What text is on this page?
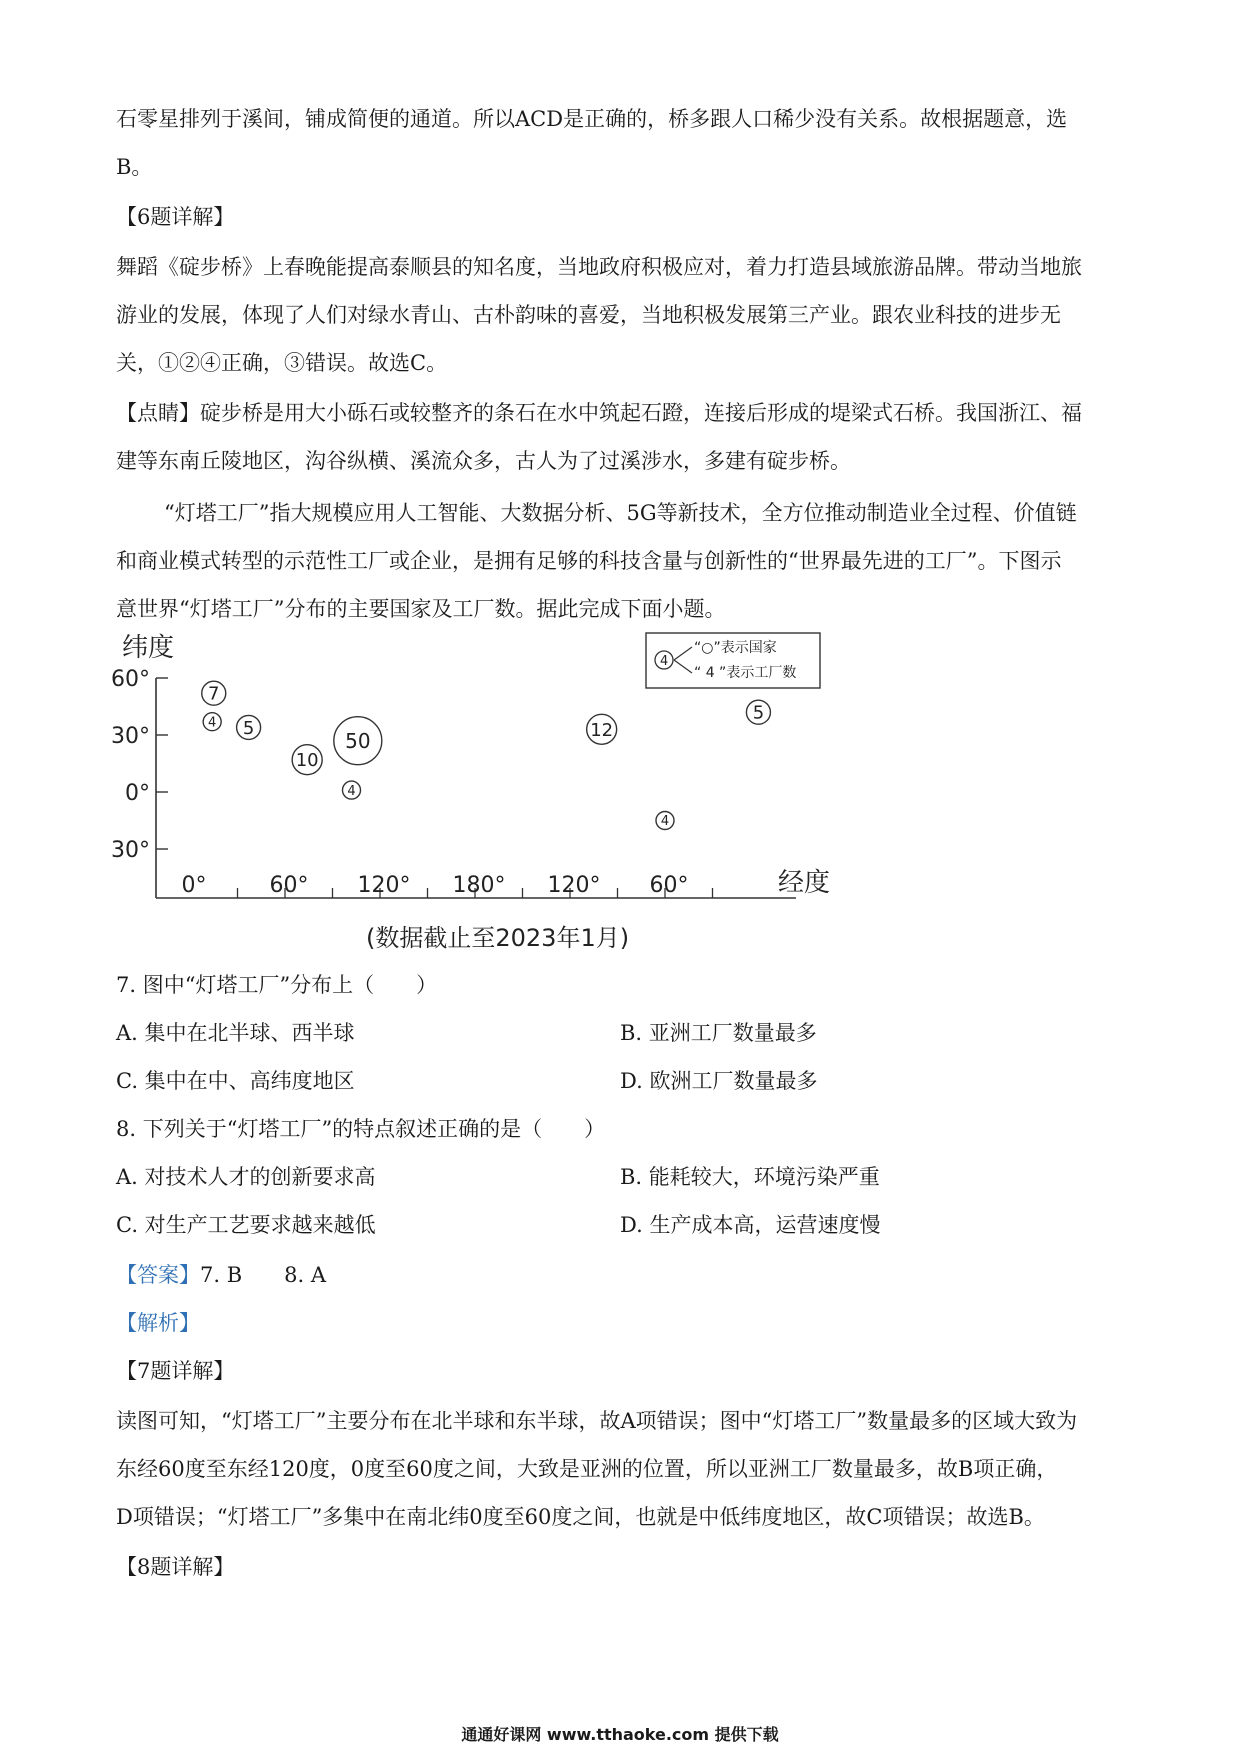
石零星排列于溪间，铺成简便的通道。所以ACD是正确的，桥多跟人口稀少没有关系。故根据题意，选
B。
【6题详解】
舞蹈《碇步桥》上春晚能提高泰顺县的知名度，当地政府积极应对，着力打造县域旅游品牌。带动当地旅
游业的发展，体现了人们对绿水青山、古朴韵味的喜爱，当地积极发展第三产业。跟农业科技的进步无
关，①②④正确，③错误。故选C。
【点睛】碇步桥是用大小砾石或较整齐的条石在水中筑起石蹬，连接后形成的堤梁式石桥。我国浙江、福
建等东南丘陵地区，沟谷纵横、溪流众多，古人为了过溪涉水，多建有碇步桥。
“灯塔工厂”指大规模应用人工智能、大数据分析、5G等新技术，全方位推动制造业全过程、价值链
和商业模式转型的示范性工厂或企业，是拥有足够的科技含量与创新性的“世界最先进的工厂”。下图示
意世界“灯塔工厂”分布的主要国家及工厂数。据此完成下面小题。
纬度
经度
(数据截止至2023年1月)
60°
30°
0°
30°
0°	60° 120° 180° 120° 60°
7
5
4 5
10
50
4
12
4
4
“○”表示国家
“ 4 ”表示工厂数
7. 图中“灯塔工厂”分布上（　　）
A. 集中在北半球、西半球	B. 亚洲工厂数量最多
C. 集中在中、高纬度地区	D. 欧洲工厂数量最多
8. 下列关于“灯塔工厂”的特点叙述正确的是（　　）
A. 对技术人才的创新要求高	B. 能耗较大，环境污染严重
C. 对生产工艺要求越来越低	D. 生产成本高，运营速度慢
【答案】7. B　　8. A
【解析】
【7题详解】
读图可知，“灯塔工厂”主要分布在北半球和东半球，故A项错误；图中“灯塔工厂”数量最多的区域大致为
东经60度至东经120度，0度至60度之间，大致是亚洲的位置，所以亚洲工厂数量最多，故B项正确，
D项错误；“灯塔工厂”多集中在南北纬0度至60度之间，也就是中低纬度地区，故C项错误；故选B。
【8题详解】
通通好课网 www.tthaoke.com 提供下载
